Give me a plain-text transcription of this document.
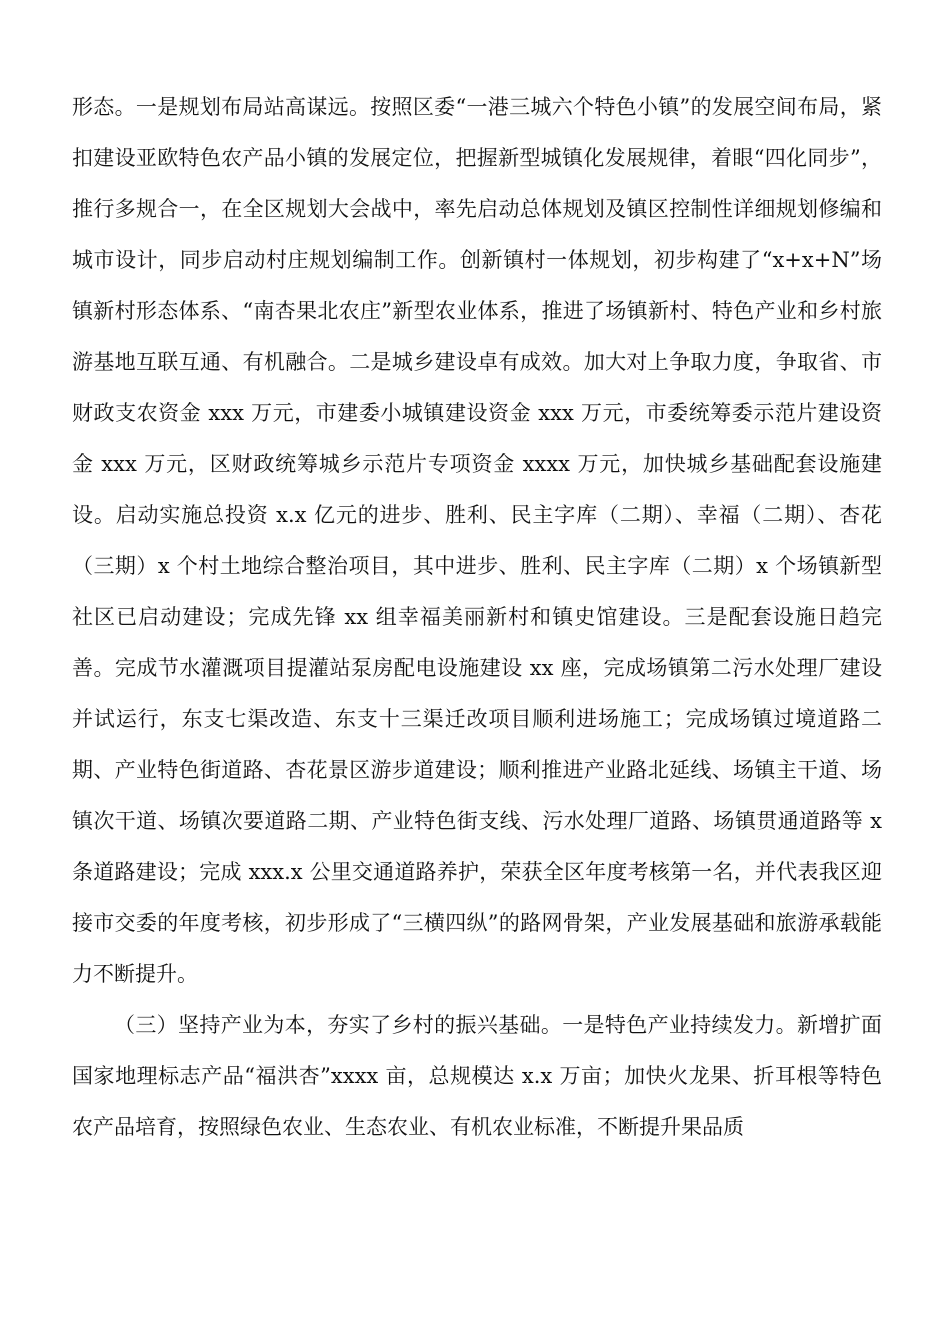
形态。一是规划布局站高谋远。按照区委“一港三城六个特色小镇”的发展空间布局，紧扣建设亚欧特色农产品小镇的发展定位，把握新型城镇化发展规律，着眼“四化同步”，推行多规合一，在全区规划大会战中，率先启动总体规划及镇区控制性详细规划修编和城市设计，同步启动村庄规划编制工作。创新镇村一体规划，初步构建了“x+x+N”场镇新村形态体系、“南杏果北农庄”新型农业体系，推进了场镇新村、特色产业和乡村旅游基地互联互通、有机融合。二是城乡建设卓有成效。加大对上争取力度，争取省、市财政支农资金 xxx 万元，市建委小城镇建设资金 xxx 万元，市委统筹委示范片建设资金 xxx 万元，区财政统筹城乡示范片专项资金 xxxx 万元，加快城乡基础配套设施建设。启动实施总投资 x.x 亿元的进步、胜利、民主字库（二期）、幸福（二期）、杏花（三期）x 个村土地综合整治项目，其中进步、胜利、民主字库（二期）x 个场镇新型社区已启动建设；完成先锋 xx 组幸福美丽新村和镇史馆建设。三是配套设施日趋完善。完成节水灌溉项目提灌站泵房配电设施建设 xx 座，完成场镇第二污水处理厂建设并试运行，东支七渠改造、东支十三渠迁改项目顺利进场施工；完成场镇过境道路二期、产业特色街道路、杏花景区游步道建设；顺利推进产业路北延线、场镇主干道、场镇次干道、场镇次要道路二期、产业特色街支线、污水处理厂道路、场镇贯通道路等 x 条道路建设；完成 xxx.x 公里交通道路养护，荣获全区年度考核第一名，并代表我区迎接市交委的年度考核，初步形成了“三横四纵”的路网骨架，产业发展基础和旅游承载能力不断提升。

（三）坚持产业为本，夯实了乡村的振兴基础。一是特色产业持续发力。新增扩面国家地理标志产品“福洪杏”xxxx 亩，总规模达 x.x 万亩；加快火龙果、折耳根等特色农产品培育，按照绿色农业、生态农业、有机农业标准，不断提升果品质
